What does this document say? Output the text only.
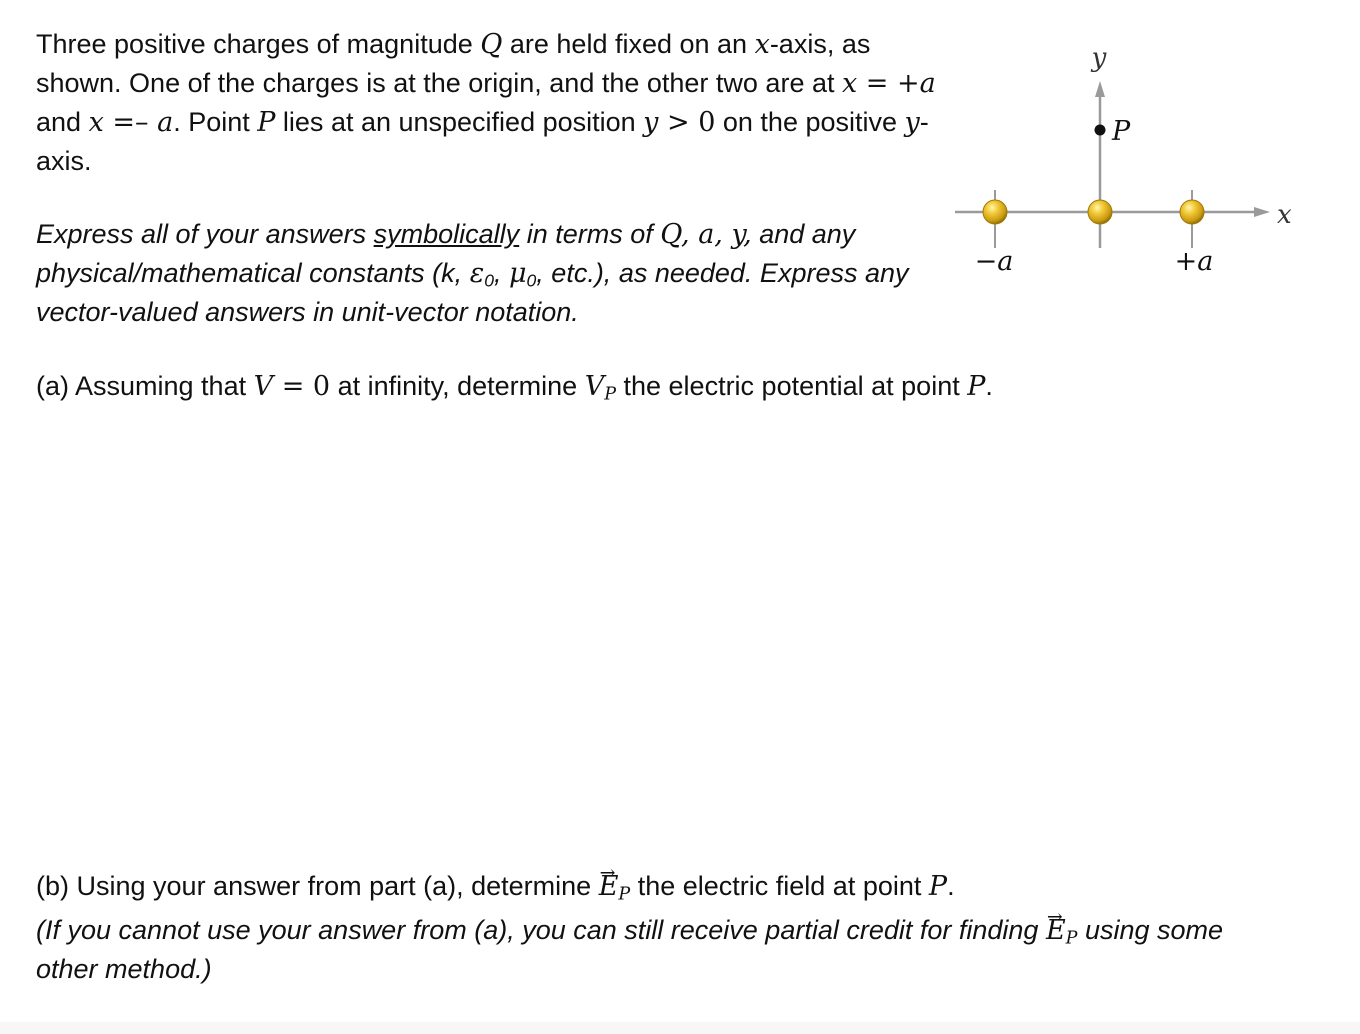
Three positive charges of magnitude Q are held fixed on an x-axis, as shown. One of the charges is at the origin, and the other two are at x = +a and x =– a. Point P lies at an unspecified position y > 0 on the positive y-axis.

Express all of your answers symbolically in terms of Q, a, y, and any physical/mathematical constants (k, $\varepsilon_0$, $\mu_0$, etc.), as needed. Express any vector-valued answers in unit-vector notation.

(a) Assuming that V = 0 at infinity, determine $V_P$ the electric potential at point P.

(b) Using your answer from part (a), determine → $E_P$ the electric field at point P.

(If you cannot use your answer from (a), you can still receive partial credit for finding → $E_P$ using some other method.)

y
x
P
−a	+a
